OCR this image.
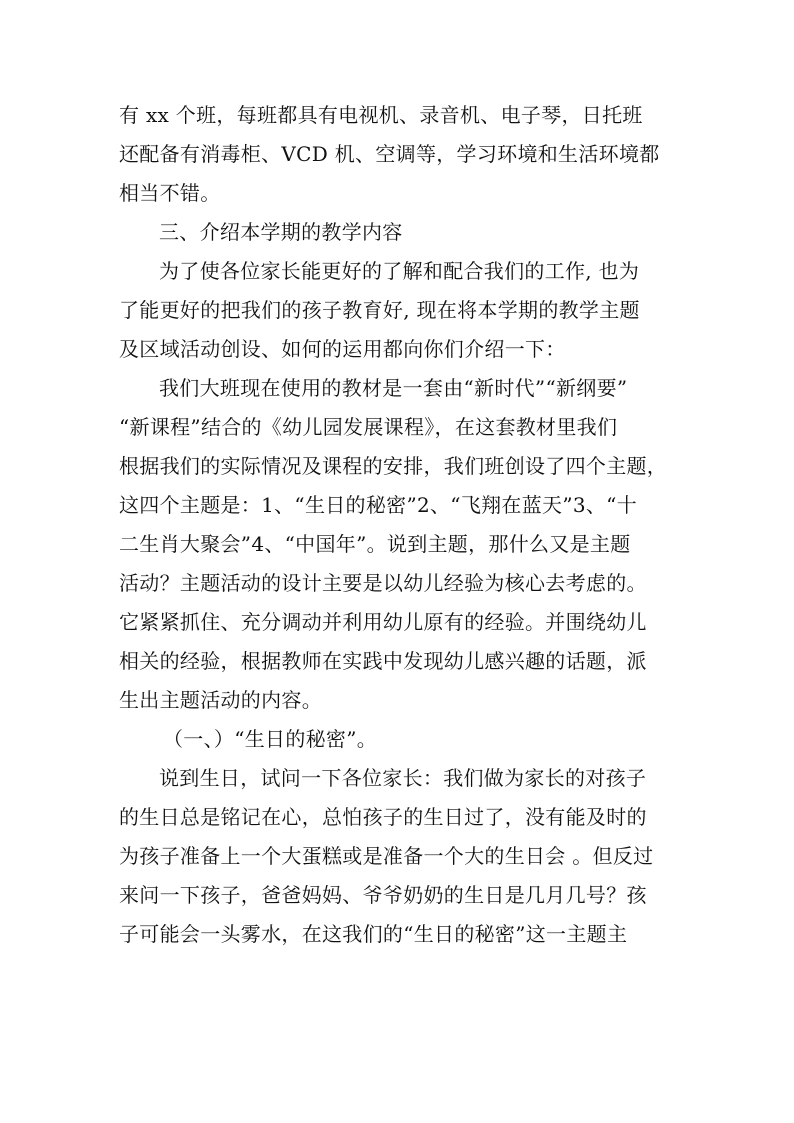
有 xx 个班，每班都具有电视机、录音机、电子琴，日托班
还配备有消毒柜、VCD 机、空调等，学习环境和生活环境都
相当不错。
三、介绍本学期的教学内容
为了使各位家长能更好的了解和配合我们的工作, 也为
了能更好的把我们的孩子教育好, 现在将本学期的教学主题
及区域活动创设、如何的运用都向你们介绍一下：
我们大班现在使用的教材是一套由“新时代”“新纲要”
“新课程”结合的《幼儿园发展课程》，在这套教材里我们
根据我们的实际情况及课程的安排，我们班创设了四个主题，
这四个主题是：1、“生日的秘密”2、“飞翔在蓝天”3、“十
二生肖大聚会”4、“中国年”。说到主题，那什么又是主题
活动？主题活动的设计主要是以幼儿经验为核心去考虑的。
它紧紧抓住、充分调动并利用幼儿原有的经验。并围绕幼儿
相关的经验，根据教师在实践中发现幼儿感兴趣的话题，派
生出主题活动的内容。
（一、）“生日的秘密”。
说到生日，试问一下各位家长：我们做为家长的对孩子
的生日总是铭记在心，总怕孩子的生日过了，没有能及时的
为孩子准备上一个大蛋糕或是准备一个大的生日会 。但反过
来问一下孩子，爸爸妈妈、爷爷奶奶的生日是几月几号？孩
子可能会一头雾水，在这我们的“生日的秘密”这一主题主
